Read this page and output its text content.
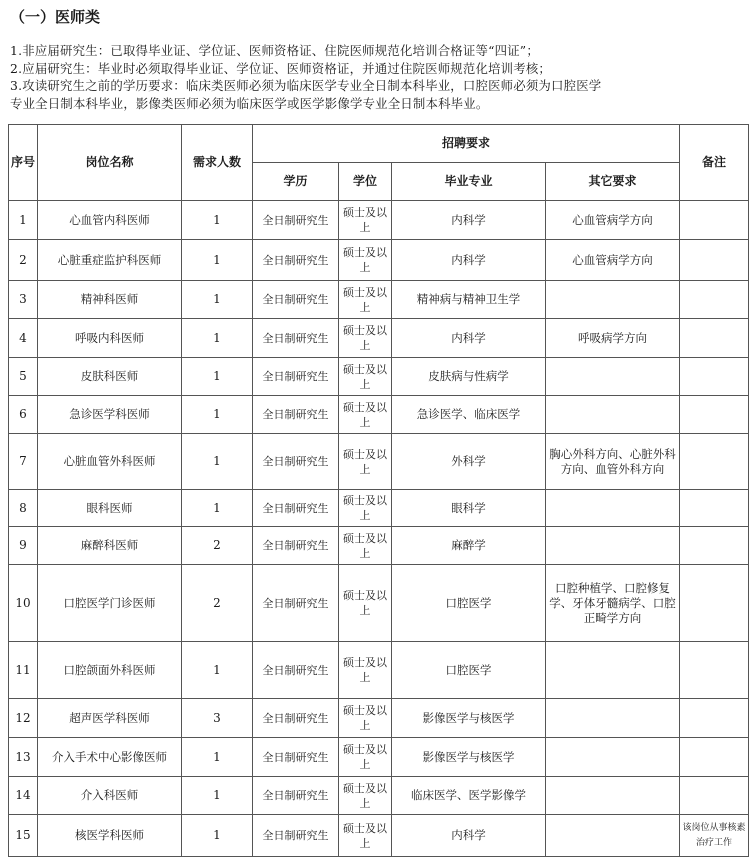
（一）医师类

1.非应届研究生：已取得毕业证、学位证、医师资格证、住院医师规范化培训合格证等“四证”；

2.应届研究生：毕业时必须取得毕业证、学位证、医师资格证，并通过住院医师规范化培训考核；

3.攻读研究生之前的学历要求：临床类医师必须为临床医学专业全日制本科毕业，口腔医师必须为口腔医学

专业全日制本科毕业，影像类医师必须为临床医学或医学影像学专业全日制本科毕业。

序号	岗位名称	需求人数	招聘要求				备注
			学历	学位	毕业专业	其它要求	
1	心血管内科医师	1	全日制研究生	硕士及以上	内科学	心血管病学方向	
2	心脏重症监护科医师	1	全日制研究生	硕士及以上	内科学	心血管病学方向	
3	精神科医师	1	全日制研究生	硕士及以上	精神病与精神卫生学		
4	呼吸内科医师	1	全日制研究生	硕士及以上	内科学	呼吸病学方向	
5	皮肤科医师	1	全日制研究生	硕士及以上	皮肤病与性病学		
6	急诊医学科医师	1	全日制研究生	硕士及以上	急诊医学、临床医学		
7	心脏血管外科医师	1	全日制研究生	硕士及以上	外科学	胸心外科方向、心脏外科方向、血管外科方向	
8	眼科医师	1	全日制研究生	硕士及以上	眼科学		
9	麻醉科医师	2	全日制研究生	硕士及以上	麻醉学		
10	口腔医学门诊医师	2	全日制研究生	硕士及以上	口腔医学	口腔种植学、口腔修复学、牙体牙髓病学、口腔正畸学方向	
11	口腔颌面外科医师	1	全日制研究生	硕士及以上	口腔医学		
12	超声医学科医师	3	全日制研究生	硕士及以上	影像医学与核医学		
13	介入手术中心影像医师	1	全日制研究生	硕士及以上	影像医学与核医学		
14	介入科医师	1	全日制研究生	硕士及以上	临床医学、医学影像学		
15	核医学科医师	1	全日制研究生	硕士及以上	内科学		该岗位从事核素治疗工作
